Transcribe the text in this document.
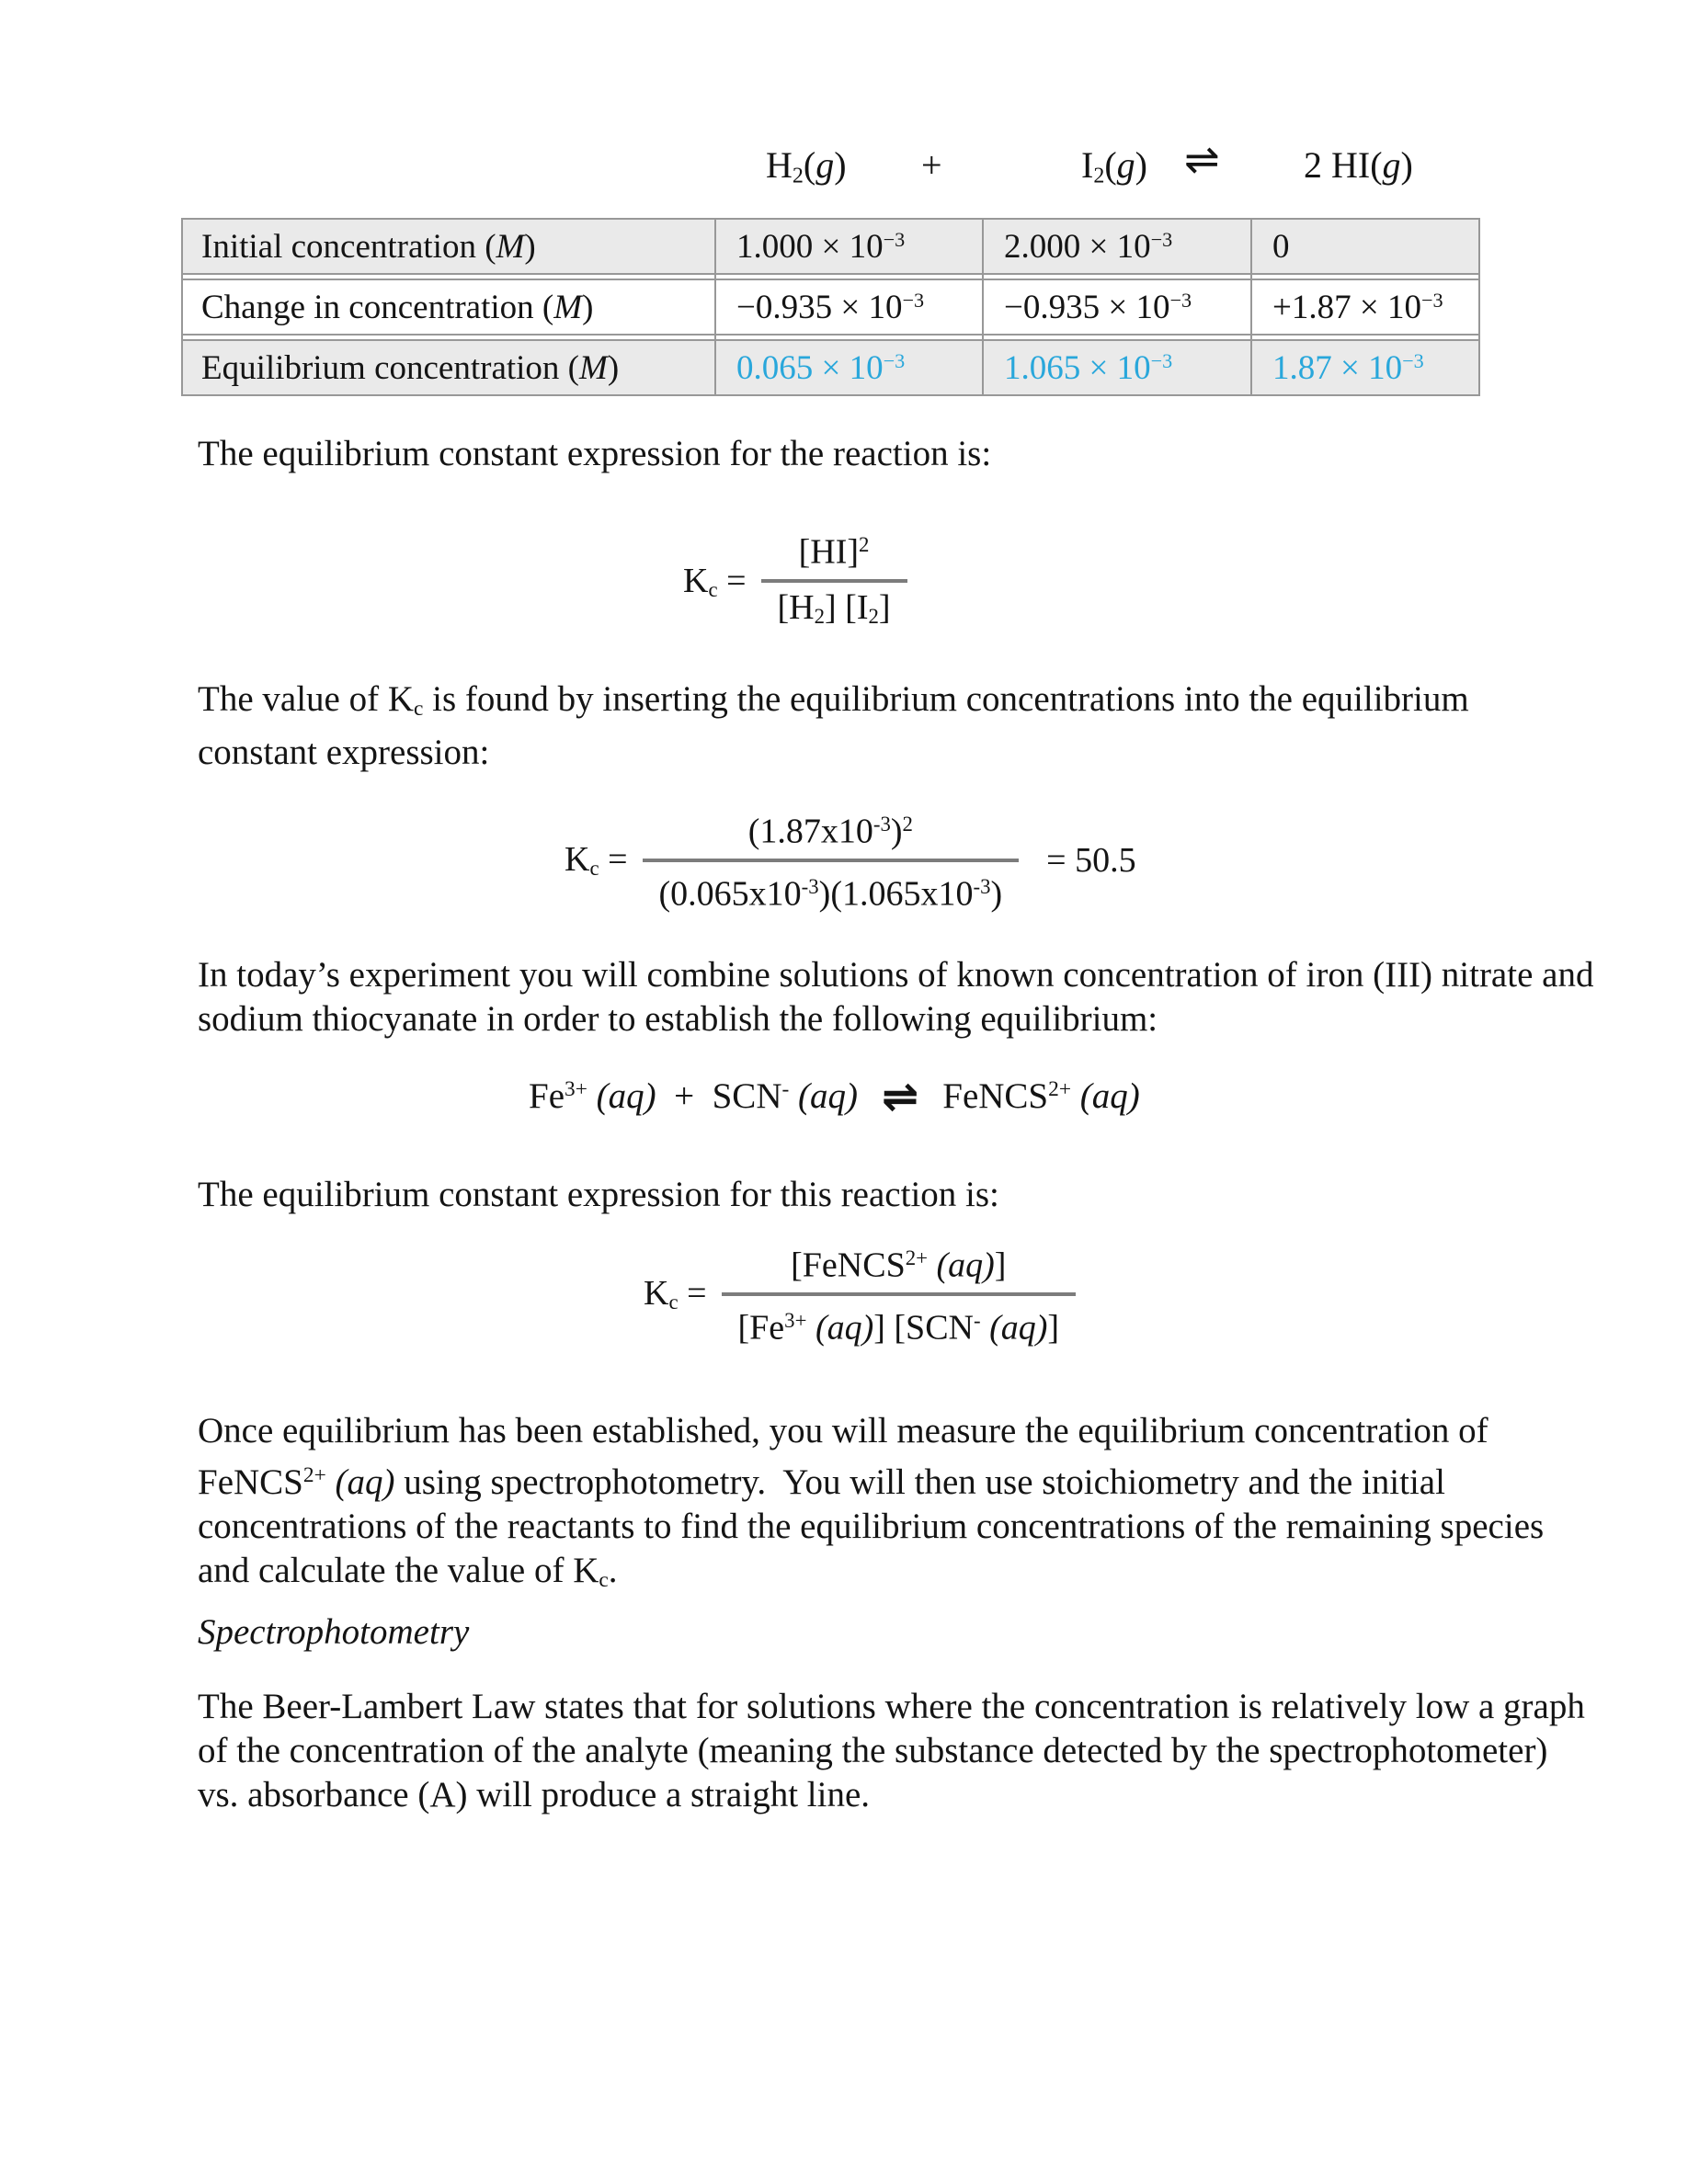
H2(g) +	I2(g) ⇌ 2 HI(g)
Initial concentration (M)	$1.000 \times 10^{-3}$	$2.000 \times 10^{-3}$	0
Change in concentration (M)	$-0.935 \times 10^{-3}$	$-0.935 \times 10^{-3}$	$+1.87 \times 10^{-3}$
Equilibrium concentration (M)	$0.065 \times 10^{-3}$	$1.065 \times 10^{-3}$	$1.87 \times 10^{-3}$
The equilibrium constant expression for the reaction is:
$Kc = \frac{[HI]^2}{[H2] [I2]}$
The value of Kc is found by inserting the equilibrium concentrations into the equilibrium
constant expression:
$Kc = \frac{(1.87x10^{-3})^2}{(0.065x10^{-3})(1.065x10^{-3})} = 50.5$
In today’s experiment you will combine solutions of known concentration of iron (III) nitrate and
sodium thiocyanate in order to establish the following equilibrium:
$Fe^{3+}$ (aq)  +  SCN- (aq) ⇌ FeNCS$^{2+}$ (aq)
The equilibrium constant expression for this reaction is:
$Kc = \frac{[FeNCS^{2+} (aq)]}{[Fe^{3+} (aq)] [SCN^- (aq)]}$
Once equilibrium has been established, you will measure the equilibrium concentration of
FeNCS$^{2+}$ (aq) using spectrophotometry.  You will then use stoichiometry and the initial
concentrations of the reactants to find the equilibrium concentrations of the remaining species
and calculate the value of Kc.
Spectrophotometry
The Beer-Lambert Law states that for solutions where the concentration is relatively low a graph
of the concentration of the analyte (meaning the substance detected by the spectrophotometer)
vs. absorbance (A) will produce a straight line.
